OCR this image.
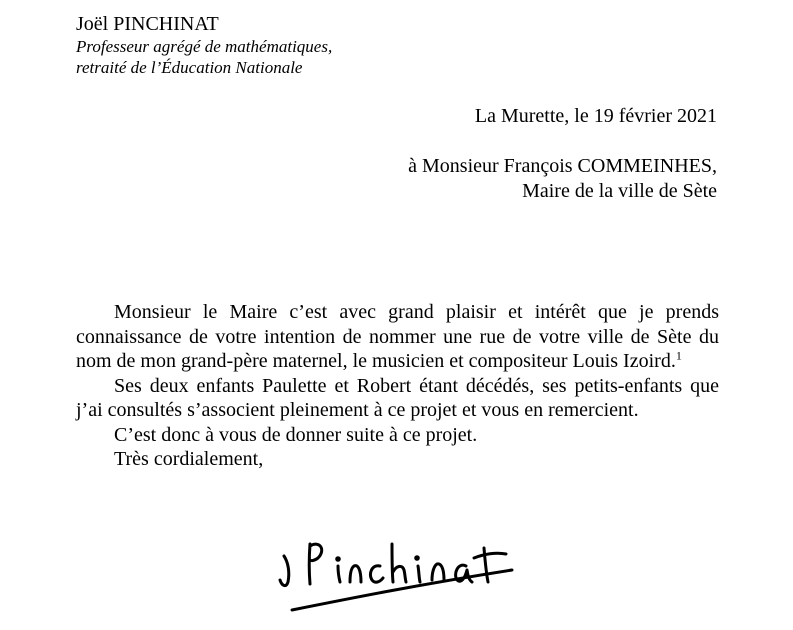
Joël PINCHINAT
Professeur agrégé de mathématiques,
retraité de l’Éducation Nationale
La Murette, le 19 février 2021
à Monsieur François COMMEINHES,
Maire de la ville de Sète

Monsieur le Maire c’est avec grand plaisir et intérêt que je prends connaissance de votre intention de nommer une rue de votre ville de Sète du nom de mon grand-père maternel, le musicien et compositeur Louis Izoird.$^1$

Ses deux enfants Paulette et Robert étant décédés, ses petits-enfants que j’ai consultés s’associent pleinement à ce projet et vous en remercient.

C’est donc à vous de donner suite à ce projet.

Très cordialement,
